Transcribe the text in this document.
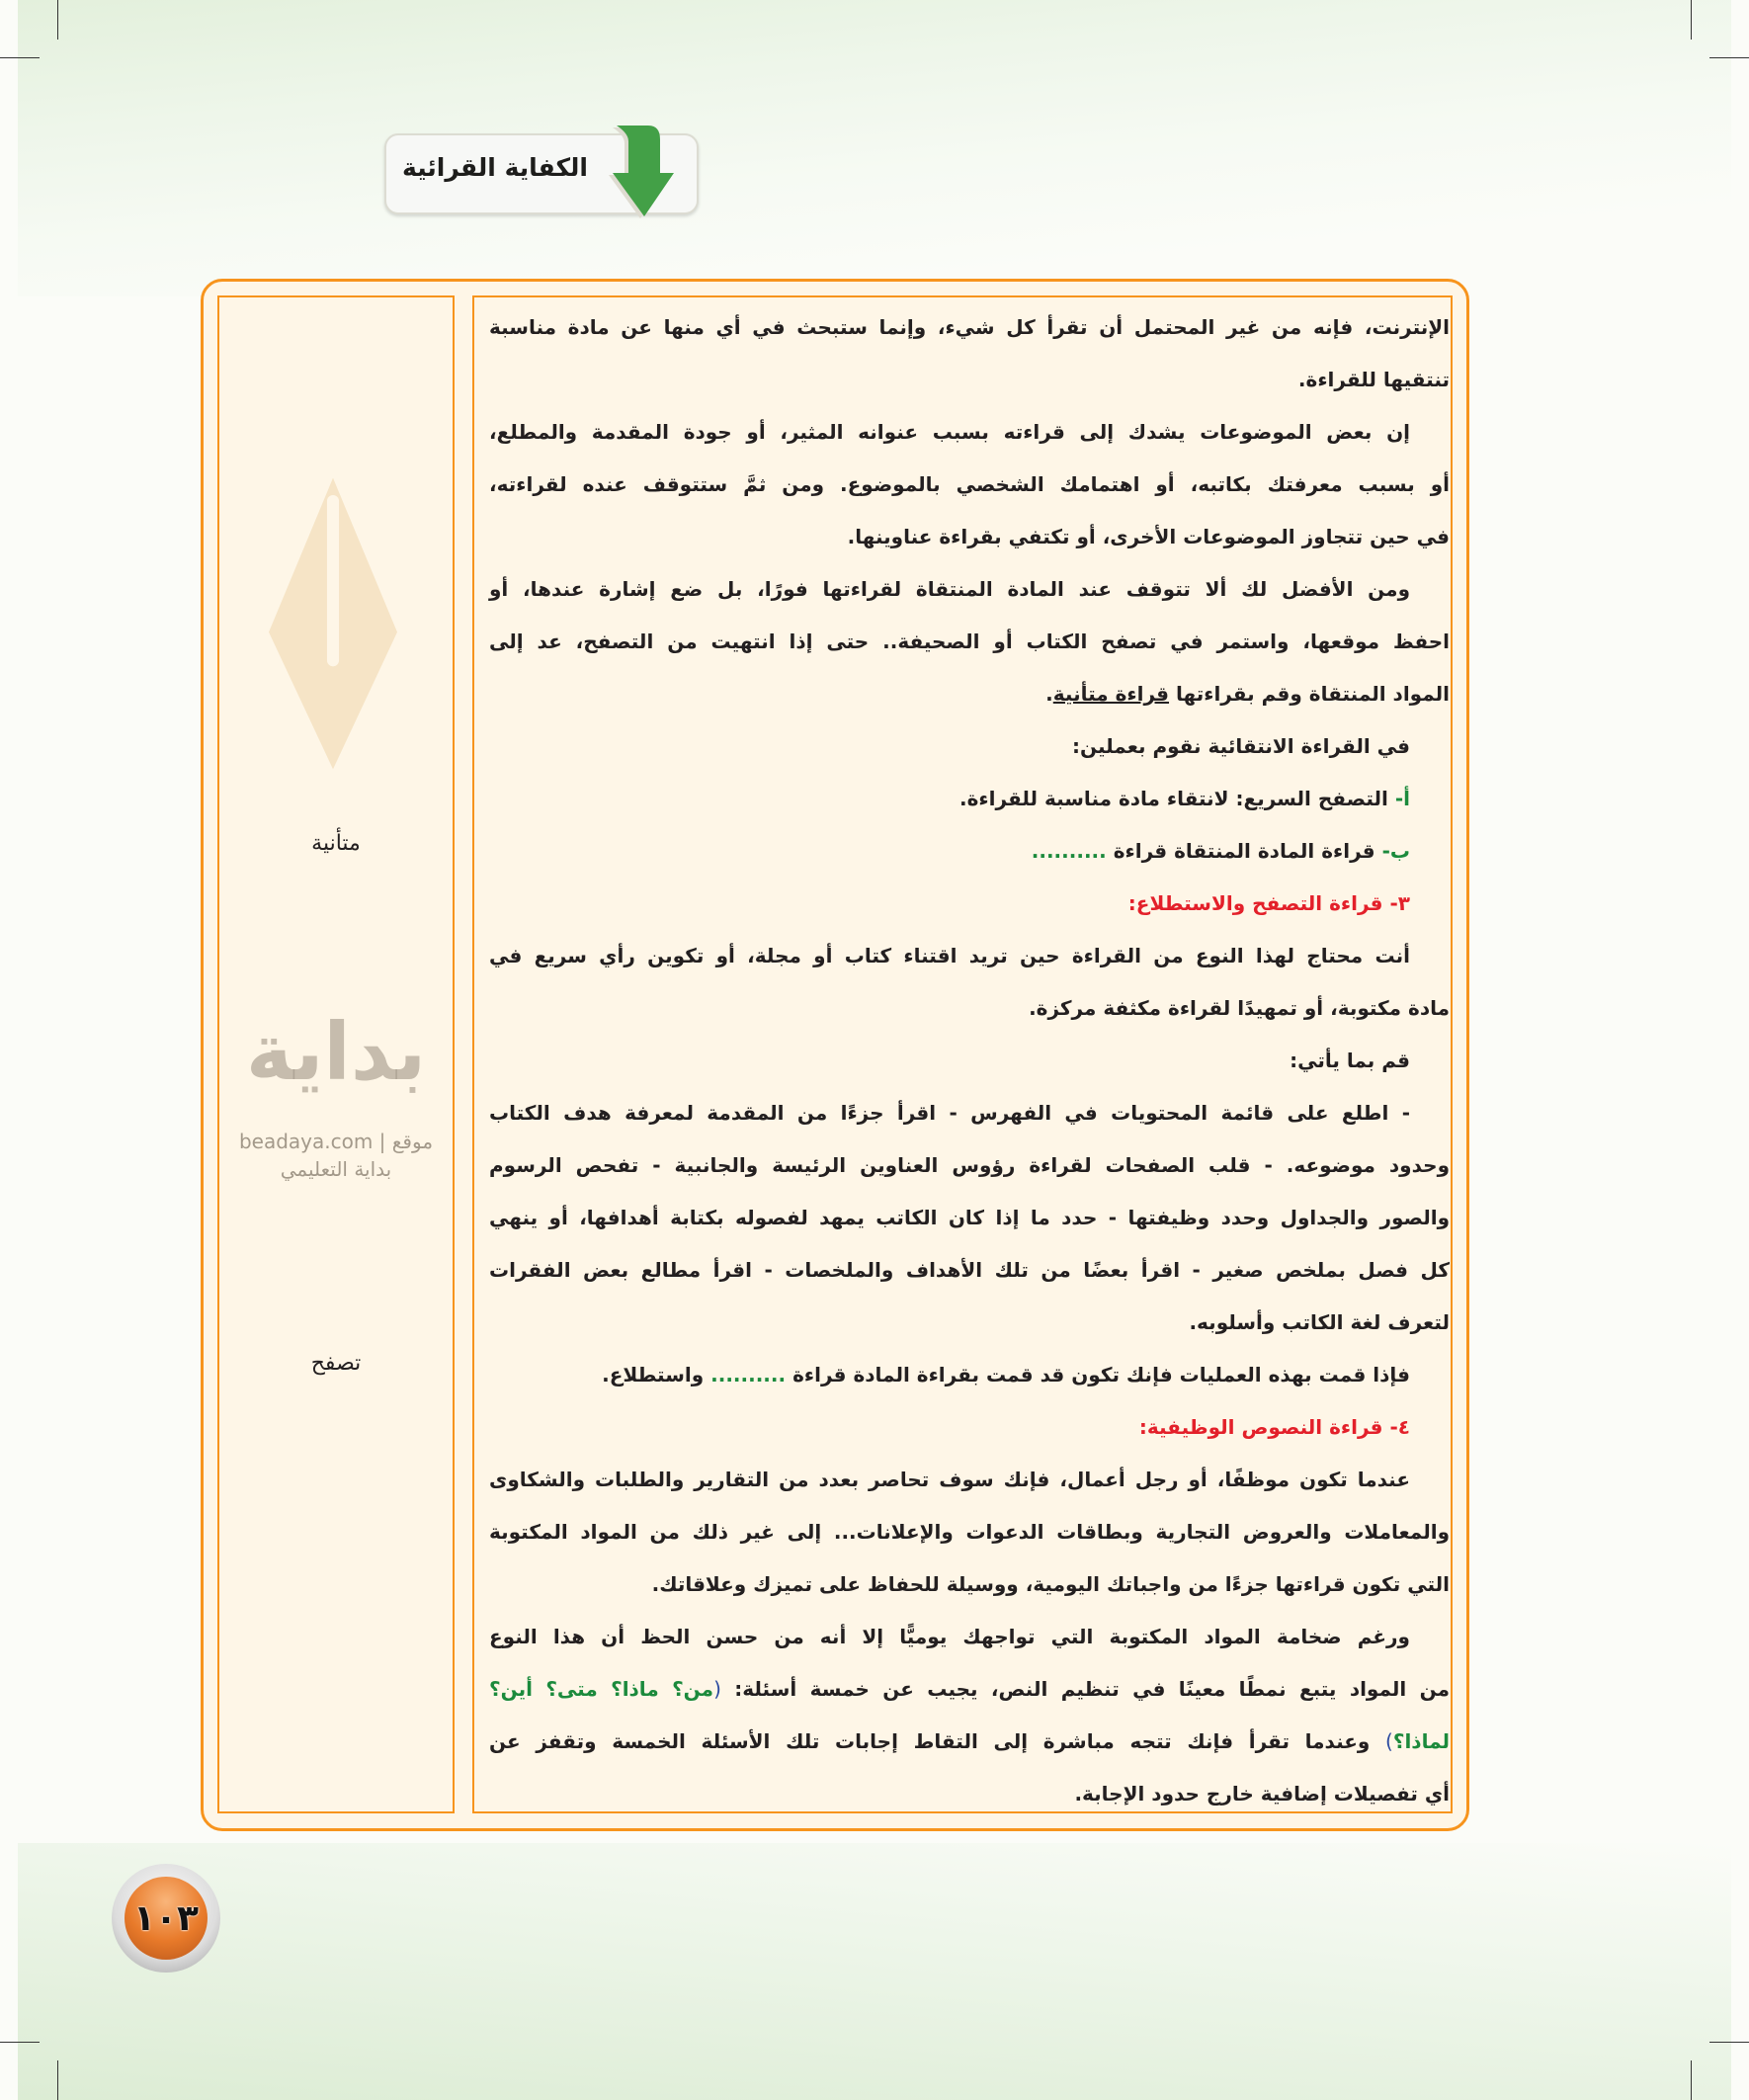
الكفاية القرائية
متأنية
بداية
beadaya.com | موقع بداية التعليمي
تصفح
الإنترنت، فإنه من غير المحتمل أن تقرأ كل شيء، وإنما ستبحث في أي منها عن مادة مناسبة
تنتقيها للقراءة.
إن بعض الموضوعات يشدك إلى قراءته بسبب عنوانه المثير، أو جودة المقدمة والمطلع،
أو بسبب معرفتك بكاتبه، أو اهتمامك الشخصي بالموضوع. ومن ثمَّ ستتوقف عنده لقراءته،
في حين تتجاوز الموضوعات الأخرى، أو تكتفي بقراءة عناوينها.
ومن الأفضل لك ألا تتوقف عند المادة المنتقاة لقراءتها فورًا، بل ضع إشارة عندها، أو
احفظ موقعها، واستمر في تصفح الكتاب أو الصحيفة.. حتى إذا انتهيت من التصفح، عد إلى
المواد المنتقاة وقم بقراءتها قراءة متأنية.
في القراءة الانتقائية نقوم بعملين:
أ- التصفح السريع: لانتقاء مادة مناسبة للقراءة.
ب- قراءة المادة المنتقاة قراءة ..........
٣- قراءة التصفح والاستطلاع:
أنت محتاج لهذا النوع من القراءة حين تريد اقتناء كتاب أو مجلة، أو تكوين رأي سريع في
مادة مكتوبة، أو تمهيدًا لقراءة مكثفة مركزة.
قم بما يأتي:
- اطلع على قائمة المحتويات في الفهرس - اقرأ جزءًا من المقدمة لمعرفة هدف الكتاب
وحدود موضوعه. - قلب الصفحات لقراءة رؤوس العناوين الرئيسة والجانبية - تفحص الرسوم
والصور والجداول وحدد وظيفتها - حدد ما إذا كان الكاتب يمهد لفصوله بكتابة أهدافها، أو ينهي
كل فصل بملخص صغير - اقرأ بعضًا من تلك الأهداف والملخصات - اقرأ مطالع بعض الفقرات
لتعرف لغة الكاتب وأسلوبه.
فإذا قمت بهذه العمليات فإنك تكون قد قمت بقراءة المادة قراءة .......... واستطلاع.
٤- قراءة النصوص الوظيفية:
عندما تكون موظفًا، أو رجل أعمال، فإنك سوف تحاصر بعدد من التقارير والطلبات والشكاوى
والمعاملات والعروض التجارية وبطاقات الدعوات والإعلانات... إلى غير ذلك من المواد المكتوبة
التي تكون قراءتها جزءًا من واجباتك اليومية، ووسيلة للحفاظ على تميزك وعلاقاتك.
ورغم ضخامة المواد المكتوبة التي تواجهك يوميًّا إلا أنه من حسن الحظ أن هذا النوع
من المواد يتبع نمطًا معينًا في تنظيم النص، يجيب عن خمسة أسئلة: (من؟ ماذا؟ متى؟ أين؟
لماذا؟) وعندما تقرأ فإنك تتجه مباشرة إلى التقاط إجابات تلك الأسئلة الخمسة وتقفز عن
أي تفصيلات إضافية خارج حدود الإجابة.
١٠٣
